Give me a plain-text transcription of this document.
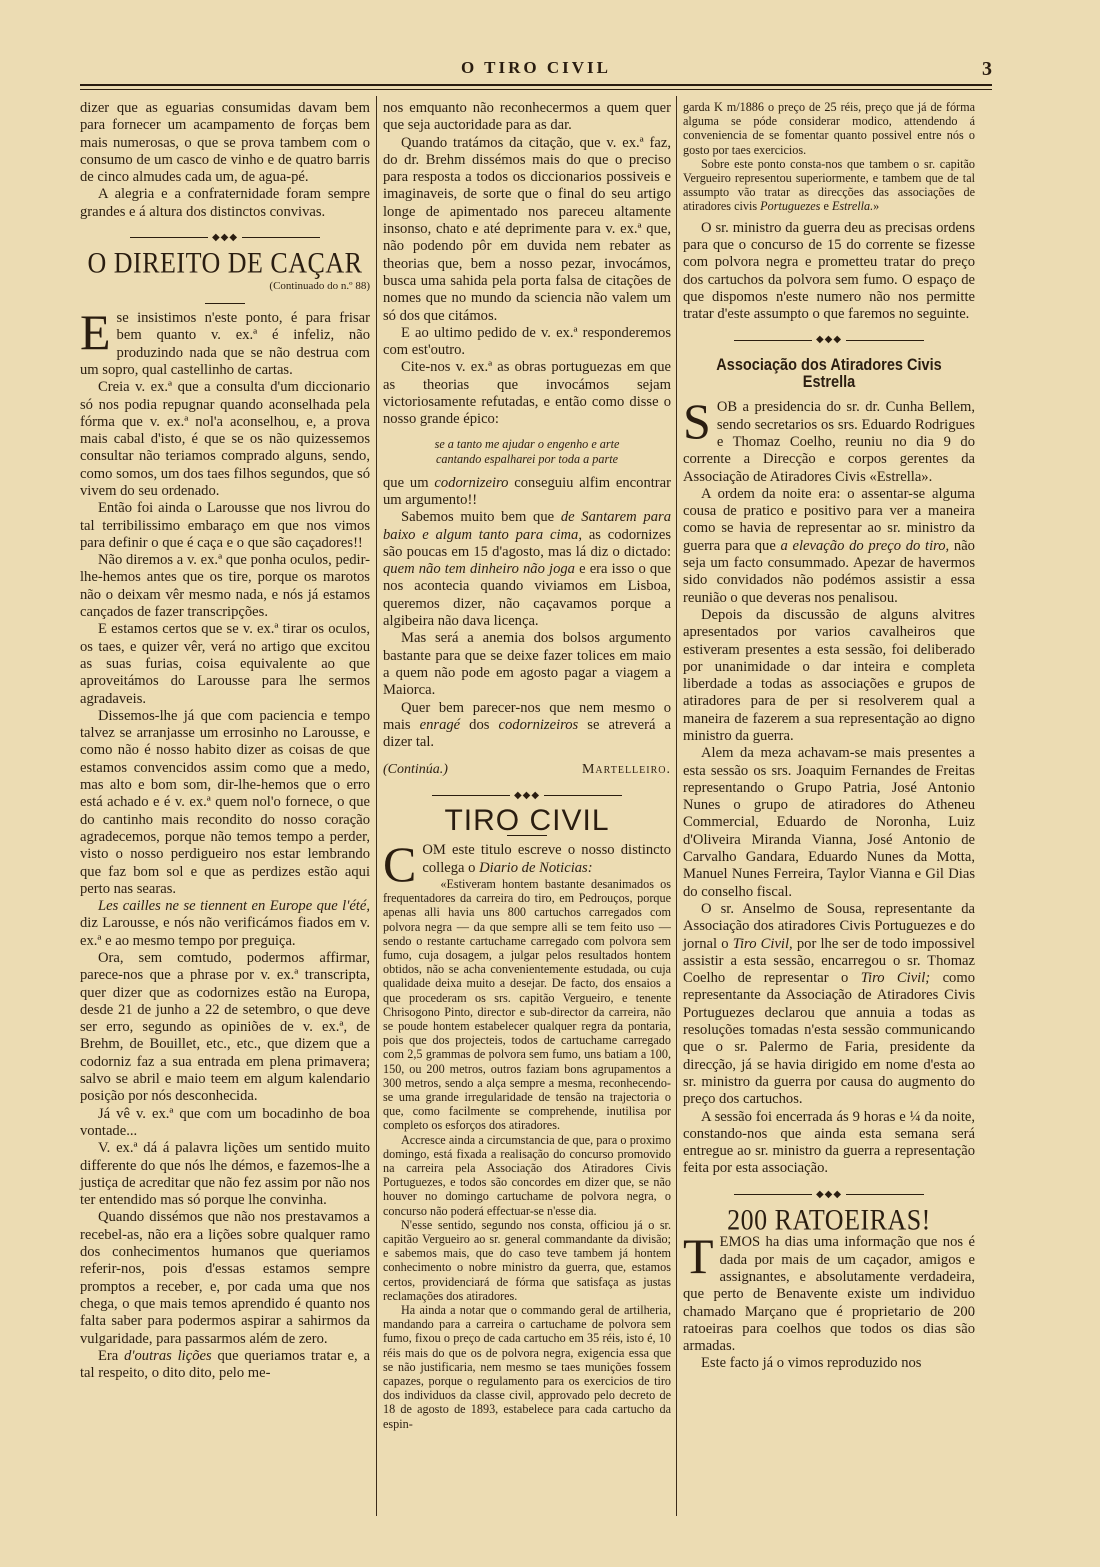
O TIRO CIVIL	3

dizer que as eguarias consumidas davam bem para fornecer um acampamento de forças bem mais numerosas, o que se prova tambem com o consumo de um casco de vinho e de quatro barris de cinco almudes cada um, de agua-pé.

A alegria e a confraternidade foram sempre grandes e á altura dos distinctos convivas.

◆◆◆
O DIREITO DE CAÇAR
(Continuado do n.º 88)

Ese insistimos n'este ponto, é para frisar bem quanto v. ex.ª é infeliz, não produzindo nada que se não destrua com um sopro, qual castellinho de cartas.

Creia v. ex.ª que a consulta d'um diccionario só nos podia repugnar quando aconselhada pela fórma que v. ex.ª nol'a aconselhou, e, a prova mais cabal d'isto, é que se os não quizessemos consultar não teriamos comprado alguns, sendo, como somos, um dos taes filhos segundos, que só vivem do seu ordenado.

Então foi ainda o Larousse que nos livrou do tal terribilissimo embaraço em que nos vimos para definir o que é caça e o que são caçadores!!

Não diremos a v. ex.ª que ponha oculos, pedir-lhe-hemos antes que os tire, porque os marotos não o deixam vêr mesmo nada, e nós já estamos cançados de fazer transcripções.

E estamos certos que se v. ex.ª tirar os oculos, os taes, e quizer vêr, verá no artigo que excitou as suas furias, coisa equivalente ao que aproveitámos do Larousse para lhe sermos agradaveis.

Dissemos-lhe já que com paciencia e tempo talvez se arranjasse um errosinho no Larousse, e como não é nosso habito dizer as coisas de que estamos convencidos assim como que a medo, mas alto e bom som, dir-lhe-hemos que o erro está achado e é v. ex.ª quem nol'o fornece, o que do cantinho mais recondito do nosso coração agradecemos, porque não temos tempo a perder, visto o nosso perdigueiro nos estar lembrando que faz bom sol e que as perdizes estão aqui perto nas searas.

Les cailles ne se tiennent en Europe que l'été, diz Larousse, e nós não verificámos fiados em v. ex.ª e ao mesmo tempo por preguiça.

Ora, sem comtudo, podermos affirmar, parece-nos que a phrase por v. ex.ª transcripta, quer dizer que as codornizes estão na Europa, desde 21 de junho a 22 de setembro, o que deve ser erro, segundo as opiniões de v. ex.ª, de Brehm, de Bouillet, etc., etc., que dizem que a codorniz faz a sua entrada em plena primavera; salvo se abril e maio teem em algum kalendario posição por nós desconhecida.

Já vê v. ex.ª que com um bocadinho de boa vontade...

V. ex.ª dá á palavra lições um sentido muito differente do que nós lhe démos, e fazemos-lhe a justiça de acreditar que não fez assim por não nos ter entendido mas só porque lhe convinha.

Quando dissémos que não nos prestavamos a recebel-as, não era a lições sobre qualquer ramo dos conhecimentos humanos que queriamos referir-nos, pois d'essas estamos sempre promptos a receber, e, por cada uma que nos chega, o que mais temos aprendido é quanto nos falta saber para podermos aspirar a sahirmos da vulgaridade, para passarmos além de zero.

Era d'outras lições que queriamos tratar e, a tal respeito, o dito dito, pelo me-

nos emquanto não reconhecermos a quem quer que seja auctoridade para as dar.

Quando tratámos da citação, que v. ex.ª faz, do dr. Brehm dissémos mais do que o preciso para resposta a todos os diccionarios possiveis e imaginaveis, de sorte que o final do seu artigo longe de apimentado nos pareceu altamente insonso, chato e até deprimente para v. ex.ª que, não podendo pôr em duvida nem rebater as theorias que, bem a nosso pezar, invocámos, busca uma sahida pela porta falsa de citações de nomes que no mundo da sciencia não valem um só dos que citámos.

E ao ultimo pedido de v. ex.ª responderemos com est'outro.

Cite-nos v. ex.ª as obras portuguezas em que as theorias que invocámos sejam victoriosamente refutadas, e então como disse o nosso grande épico:

se a tanto me ajudar o engenho e arte
cantando espalharei por toda a parte

que um codornizeiro conseguiu alfim encontrar um argumento!!

Sabemos muito bem que de Santarem para baixo e algum tanto para cima, as codornizes são poucas em 15 d'agosto, mas lá diz o dictado: quem não tem dinheiro não joga e era isso o que nos acontecia quando viviamos em Lisboa, queremos dizer, não caçavamos porque a algibeira não dava licença.

Mas será a anemia dos bolsos argumento bastante para que se deixe fazer tolices em maio a quem não pode em agosto pagar a viagem a Maiorca.

Quer bem parecer-nos que nem mesmo o mais enragé dos codornizeiros se atreverá a dizer tal.

(Continúa.)	Martelleiro.
◆◆◆
TIRO CIVIL

COM este titulo escreve o nosso distincto collega o Diario de Noticias:

«Estiveram hontem bastante desanimados os frequentadores da carreira do tiro, em Pedrouços, porque apenas alli havia uns 800 cartuchos carregados com polvora negra — da que sempre alli se tem feito uso — sendo o restante cartuchame carregado com polvora sem fumo, cuja dosagem, a julgar pelos resultados hontem obtidos, não se acha convenientemente estudada, ou cuja qualidade deixa muito a desejar. De facto, dos ensaios a que procederam os srs. capitão Vergueiro, e tenente Chrisogono Pinto, director e sub-director da carreira, não se poude hontem estabelecer qualquer regra da pontaria, pois que dos projecteis, todos de cartuchame carregado com 2,5 grammas de polvora sem fumo, uns batiam a 100, 150, ou 200 metros, outros faziam bons agrupamentos a 300 metros, sendo a alça sempre a mesma, reconhecendo-se uma grande irregularidade de tensão na trajectoria o que, como facilmente se comprehende, inutilisa por completo os esforços dos atiradores.

Accresce ainda a circumstancia de que, para o proximo domingo, está fixada a realisação do concurso promovido na carreira pela Associação dos Atiradores Civis Portuguezes, e todos são concordes em dizer que, se não houver no domingo cartuchame de polvora negra, o concurso não poderá effectuar-se n'esse dia.

N'esse sentido, segundo nos consta, officiou já o sr. capitão Vergueiro ao sr. general commandante da divisão; e sabemos mais, que do caso teve tambem já hontem conhecimento o nobre ministro da guerra, que, estamos certos, providenciará de fórma que satisfaça as justas reclamações dos atiradores.

Ha ainda a notar que o commando geral de artilheria, mandando para a carreira o cartuchame de polvora sem fumo, fixou o preço de cada cartucho em 35 réis, isto é, 10 réis mais do que os de polvora negra, exigencia essa que se não justificaria, nem mesmo se taes munições fossem capazes, porque o regulamento para os exercicios de tiro dos individuos da classe civil, approvado pelo decreto de 18 de agosto de 1893, estabelece para cada cartucho da espin-

garda K m/1886 o preço de 25 réis, preço que já de fórma alguma se póde considerar modico, attendendo á conveniencia de se fomentar quanto possivel entre nós o gosto por taes exercicios.

Sobre este ponto consta-nos que tambem o sr. capitão Vergueiro representou superiormente, e tambem que de tal assumpto vão tratar as direcções das associações de atiradores civis Portuguezes e Estrella.»

O sr. ministro da guerra deu as precisas ordens para que o concurso de 15 do corrente se fizesse com polvora negra e prometteu tratar do preço dos cartuchos da polvora sem fumo. O espaço de que dispomos n'este numero não nos permitte tratar d'este assumpto o que faremos no seguinte.

◆◆◆
Associação dos Atiradores Civis Estrella

SOB a presidencia do sr. dr. Cunha Bellem, sendo secretarios os srs. Eduardo Rodrigues e Thomaz Coelho, reuniu no dia 9 do corrente a Direcção e corpos gerentes da Associação de Atiradores Civis «Estrella».

A ordem da noite era: o assentar-se alguma cousa de pratico e positivo para ver a maneira como se havia de representar ao sr. ministro da guerra para que a elevação do preço do tiro, não seja um facto consummado. Apezar de havermos sido convidados não podémos assistir a essa reunião o que deveras nos penalisou.

Depois da discussão de alguns alvitres apresentados por varios cavalheiros que estiveram presentes a esta sessão, foi deliberado por unanimidade o dar inteira e completa liberdade a todas as associações e grupos de atiradores para de per si resolverem qual a maneira de fazerem a sua representação ao digno ministro da guerra.

Alem da meza achavam-se mais presentes a esta sessão os srs. Joaquim Fernandes de Freitas representando o Grupo Patria, José Antonio Nunes o grupo de atiradores do Atheneu Commercial, Eduardo de Noronha, Luiz d'Oliveira Miranda Vianna, José Antonio de Carvalho Gandara, Eduardo Nunes da Motta, Manuel Nunes Ferreira, Taylor Vianna e Gil Dias do conselho fiscal.

O sr. Anselmo de Sousa, representante da Associação dos atiradores Civis Portuguezes e do jornal o Tiro Civil, por lhe ser de todo impossivel assistir a esta sessão, encarregou o sr. Thomaz Coelho de representar o Tiro Civil; como representante da Associação de Atiradores Civis Portuguezes declarou que annuia a todas as resoluções tomadas n'esta sessão communicando que o sr. Palermo de Faria, presidente da direcção, já se havia dirigido em nome d'esta ao sr. ministro da guerra por causa do augmento do preço dos cartuchos.

A sessão foi encerrada ás 9 horas e ¼ da noite, constando-nos que ainda esta semana será entregue ao sr. ministro da guerra a representação feita por esta associação.

◆◆◆
200 RATOEIRAS!

TEMOS ha dias uma informação que nos é dada por mais de um caçador, amigos e assignantes, e absolutamente verdadeira, que perto de Benavente existe um individuo chamado Marçano que é proprietario de 200 ratoeiras para coelhos que todos os dias são armadas.

Este facto já o vimos reproduzido nos
